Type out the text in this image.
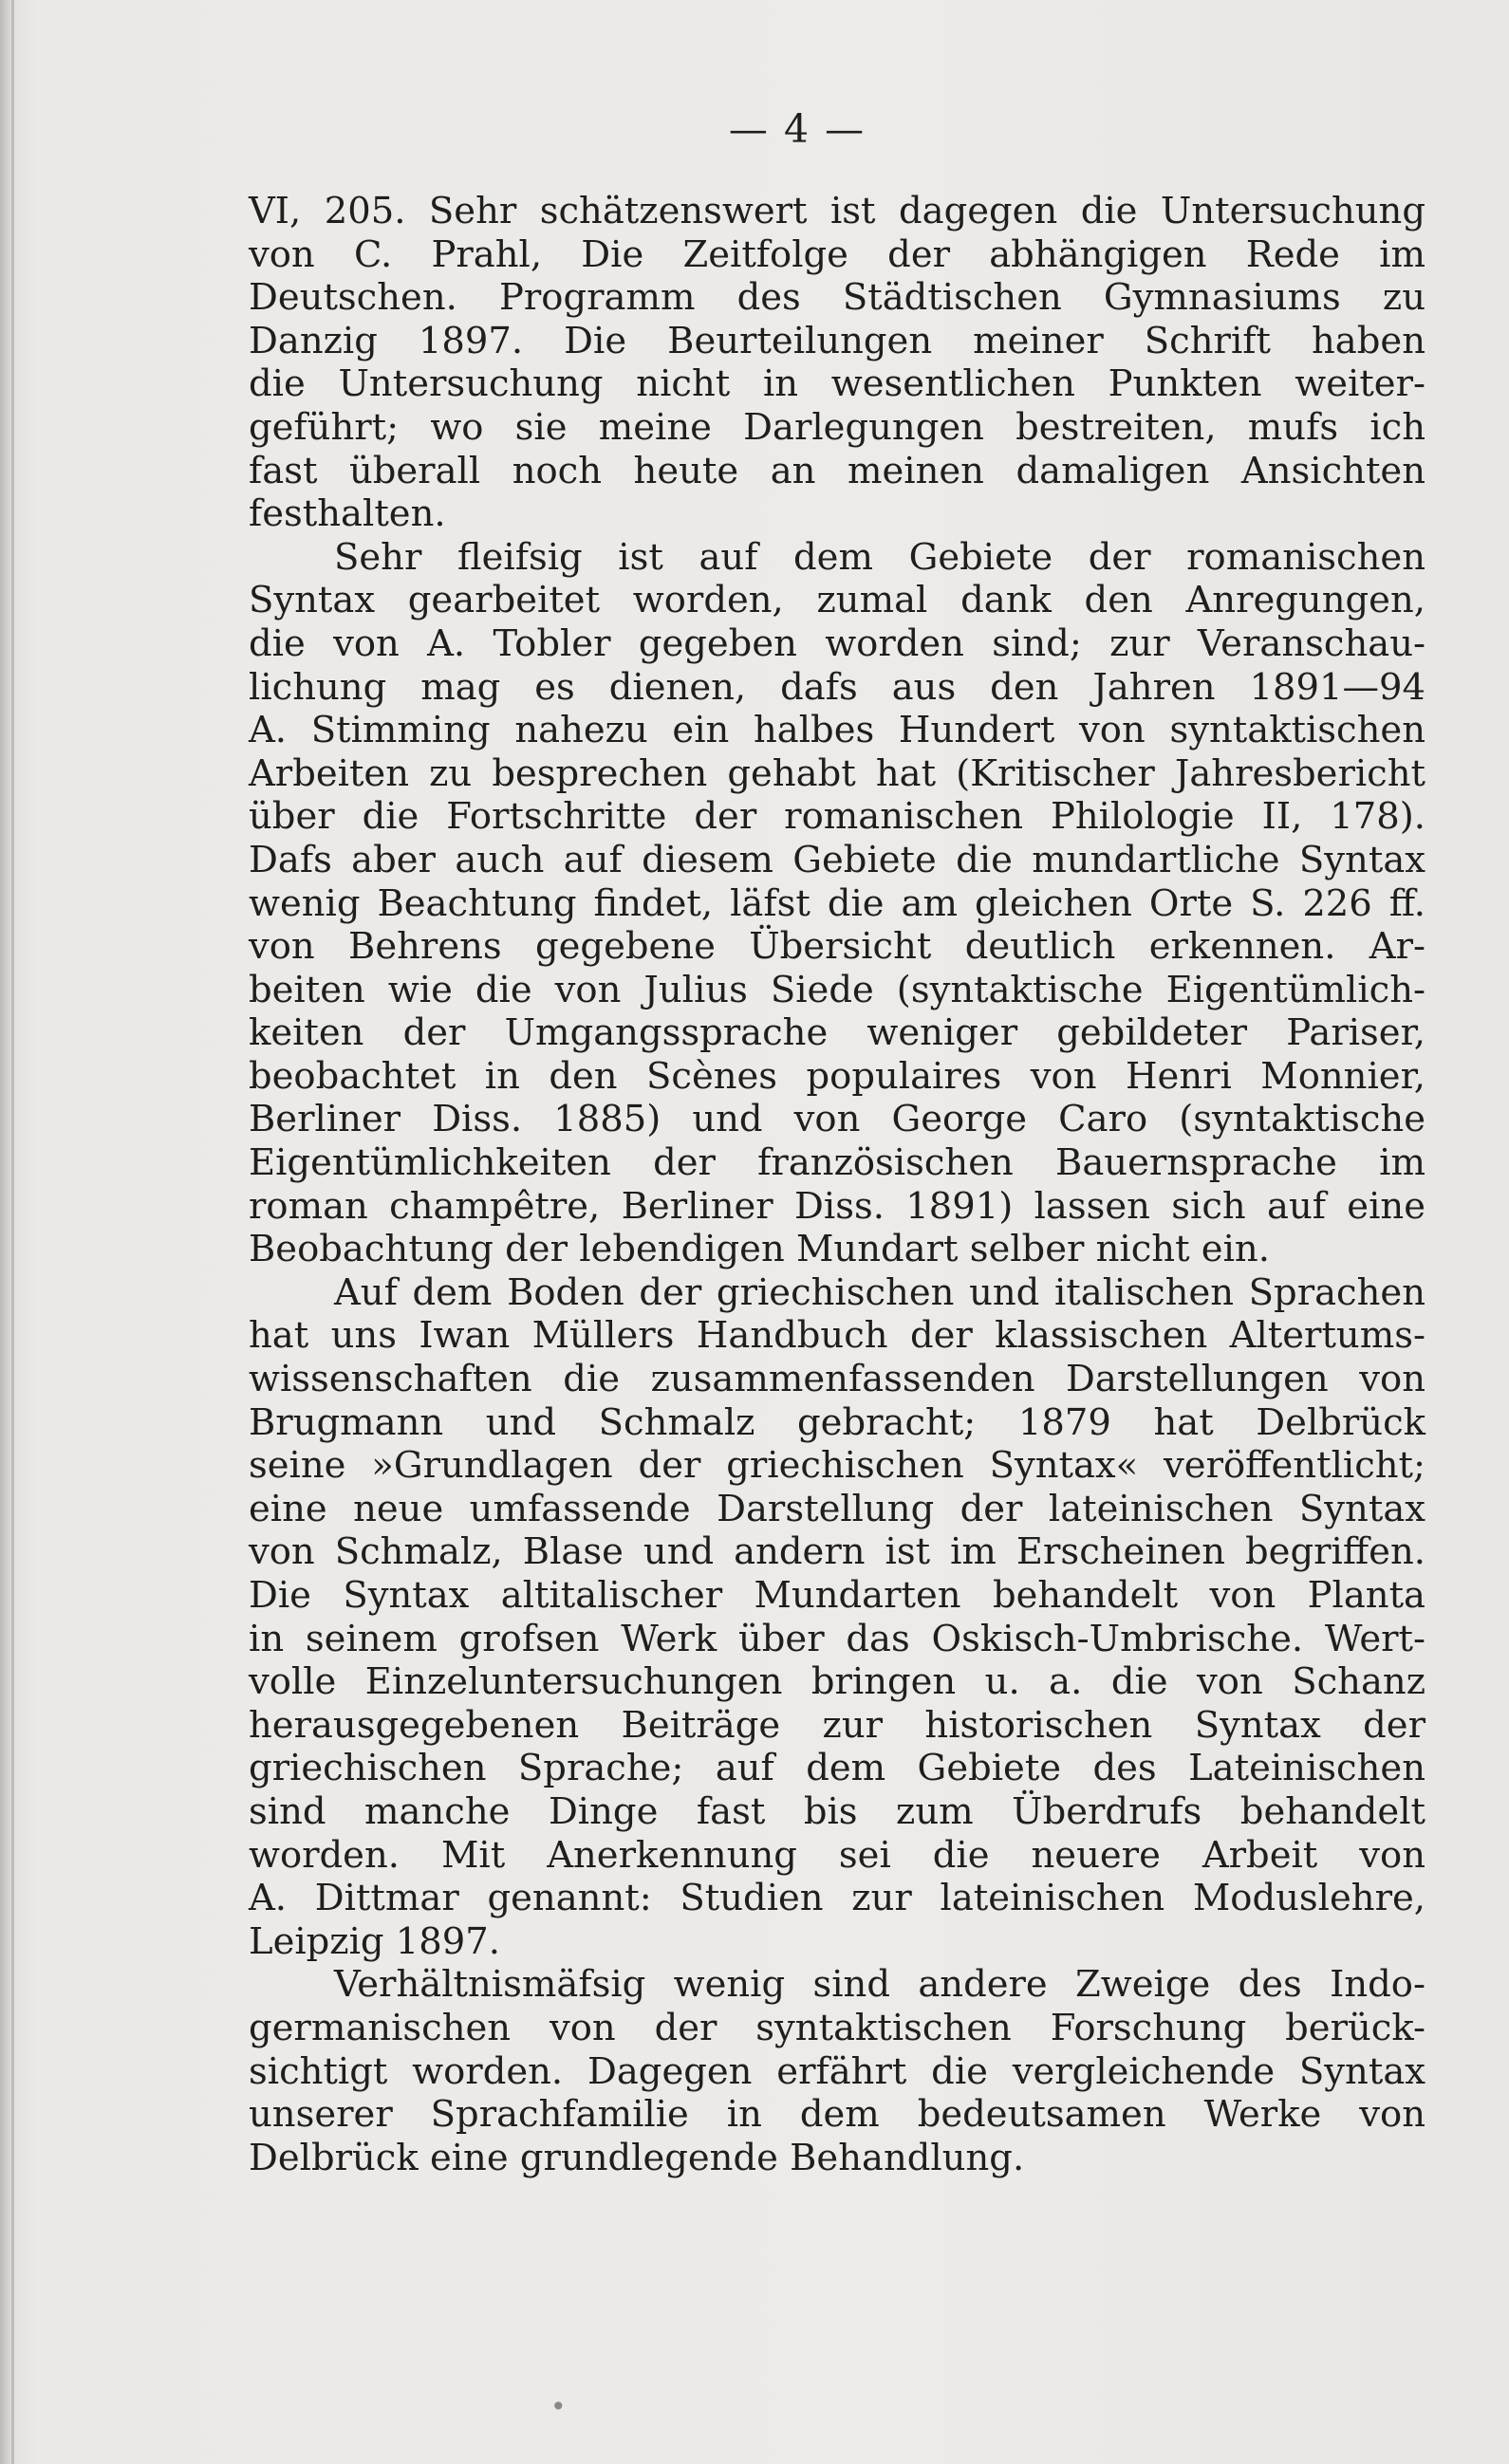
— 4 —
VI, 205. Sehr schätzenswert ist dagegen die Untersuchung
von C. Prahl, Die Zeitfolge der abhängigen Rede im
Deutschen. Programm des Städtischen Gymnasiums zu
Danzig 1897. Die Beurteilungen meiner Schrift haben
die Untersuchung nicht in wesentlichen Punkten weiter-
geführt; wo sie meine Darlegungen bestreiten, mufs ich
fast überall noch heute an meinen damaligen Ansichten
festhalten.
Sehr fleifsig ist auf dem Gebiete der romanischen
Syntax gearbeitet worden, zumal dank den Anregungen,
die von A. Tobler gegeben worden sind; zur Veranschau-
lichung mag es dienen, dafs aus den Jahren 1891—94
A. Stimming nahezu ein halbes Hundert von syntaktischen
Arbeiten zu besprechen gehabt hat (Kritischer Jahresbericht
über die Fortschritte der romanischen Philologie II, 178).
Dafs aber auch auf diesem Gebiete die mundartliche Syntax
wenig Beachtung findet, läfst die am gleichen Orte S. 226 ff.
von Behrens gegebene Übersicht deutlich erkennen. Ar-
beiten wie die von Julius Siede (syntaktische Eigentümlich-
keiten der Umgangssprache weniger gebildeter Pariser,
beobachtet in den Scènes populaires von Henri Monnier,
Berliner Diss. 1885) und von George Caro (syntaktische
Eigentümlichkeiten der französischen Bauernsprache im
roman champêtre, Berliner Diss. 1891) lassen sich auf eine
Beobachtung der lebendigen Mundart selber nicht ein.
Auf dem Boden der griechischen und italischen Sprachen
hat uns Iwan Müllers Handbuch der klassischen Altertums-
wissenschaften die zusammenfassenden Darstellungen von
Brugmann und Schmalz gebracht; 1879 hat Delbrück
seine »Grundlagen der griechischen Syntax« veröffentlicht;
eine neue umfassende Darstellung der lateinischen Syntax
von Schmalz, Blase und andern ist im Erscheinen begriffen.
Die Syntax altitalischer Mundarten behandelt von Planta
in seinem grofsen Werk über das Oskisch-Umbrische. Wert-
volle Einzeluntersuchungen bringen u. a. die von Schanz
herausgegebenen Beiträge zur historischen Syntax der
griechischen Sprache; auf dem Gebiete des Lateinischen
sind manche Dinge fast bis zum Überdrufs behandelt
worden. Mit Anerkennung sei die neuere Arbeit von
A. Dittmar genannt: Studien zur lateinischen Moduslehre,
Leipzig 1897.
Verhältnismäfsig wenig sind andere Zweige des Indo-
germanischen von der syntaktischen Forschung berück-
sichtigt worden. Dagegen erfährt die vergleichende Syntax
unserer Sprachfamilie in dem bedeutsamen Werke von
Delbrück eine grundlegende Behandlung.
•
